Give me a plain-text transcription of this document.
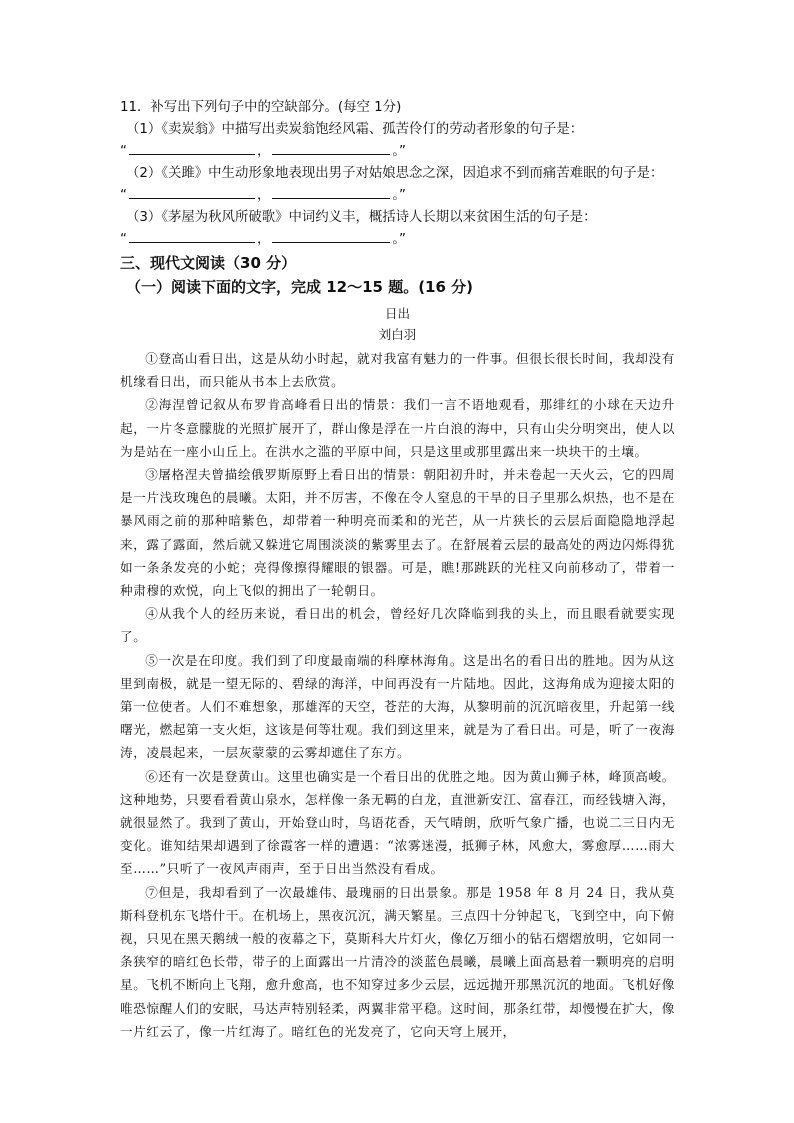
11．补写出下列句子中的空缺部分。(每空 1分)
（1）《卖炭翁》中描写出卖炭翁饱经风霜、孤苦伶仃的劳动者形象的句子是：
“	，	。”
（2）《关雎》中生动形象地表现出男子对姑娘思念之深，因追求不到而痛苦难眠的句子是：
“	，	。”
（3）《茅屋为秋风所破歌》中词约义丰，概括诗人长期以来贫困生活的句子是：
“	，	。”
三、现代文阅读（30 分）
（一）阅读下面的文字，完成 12～15 题。(16 分)
日出
刘白羽

①登高山看日出，这是从幼小时起，就对我富有魅力的一件事。但很长很长时间，我却没有机缘看日出，而只能从书本上去欣赏。

②海涅曾记叙从布罗肯高峰看日出的情景：我们一言不语地观看，那绯红的小球在天边升起，一片冬意朦胧的光照扩展开了，群山像是浮在一片白浪的海中，只有山尖分明突出，使人以为是站在一座小山丘上。在洪水之滥的平原中间，只是这里或那里露出来一块块干的土壤。

③屠格涅夫曾描绘俄罗斯原野上看日出的情景：朝阳初升时，并未卷起一天火云，它的四周是一片浅玫瑰色的晨曦。太阳，并不厉害，不像在令人窒息的干旱的日子里那么炽热，也不是在暴风雨之前的那种暗紫色，却带着一种明亮而柔和的光芒，从一片狭长的云层后面隐隐地浮起来，露了露面，然后就又躲进它周围淡淡的紫雾里去了。在舒展着云层的最高处的两边闪烁得犹如一条条发亮的小蛇；亮得像擦得耀眼的银器。可是，瞧!那跳跃的光柱又向前移动了，带着一种肃穆的欢悦，向上飞似的拥出了一轮朝日。

④从我个人的经历来说，看日出的机会，曾经好几次降临到我的头上，而且眼看就要实现了。

⑤一次是在印度。我们到了印度最南端的科摩林海角。这是出名的看日出的胜地。因为从这里到南极，就是一望无际的、碧绿的海洋，中间再没有一片陆地。因此，这海角成为迎接太阳的第一位使者。人们不难想象，那雄浑的天空，苍茫的大海，从黎明前的沉沉暗夜里，升起第一线曙光，燃起第一支火炬，这该是何等壮观。我们到这里来，就是为了看日出。可是，听了一夜海涛，凌晨起来，一层灰蒙蒙的云雾却遮住了东方。

⑥还有一次是登黄山。这里也确实是一个看日出的优胜之地。因为黄山狮子林，峰顶高峻。这种地势，只要看看黄山泉水，怎样像一条无羁的白龙，直泄新安江、富春江，而经钱塘入海，就很显然了。我到了黄山，开始登山时，鸟语花香，天气晴朗，欣听气象广播，也说二三日内无变化。谁知结果却遇到了徐霞客一样的遭遇：“浓雾迷漫，抵狮子林，风愈大，雾愈厚……雨大至……”只听了一夜风声雨声，至于日出当然没有看成。

⑦但是，我却看到了一次最雄伟、最瑰丽的日出景象。那是 1958 年 8 月 24 日，我从莫斯科登机东飞塔什干。在机场上，黑夜沉沉，满天繁星。三点四十分钟起飞，飞到空中，向下俯视，只见在黑天鹅绒一般的夜幕之下，莫斯科大片灯火，像亿万细小的钻石熠熠放明，它如同一条狭窄的暗红色长带，带子的上面露出一片清冷的淡蓝色晨曦，晨曦上面高悬着一颗明亮的启明星。飞机不断向上飞翔，愈升愈高，也不知穿过多少云层，远远抛开那黑沉沉的地面。飞机好像唯恐惊醒人们的安眠，马达声特别轻柔，两翼非常平稳。这时间，那条红带，却慢慢在扩大，像一片红云了，像一片红海了。暗红色的光发亮了，它向天穹上展开，
